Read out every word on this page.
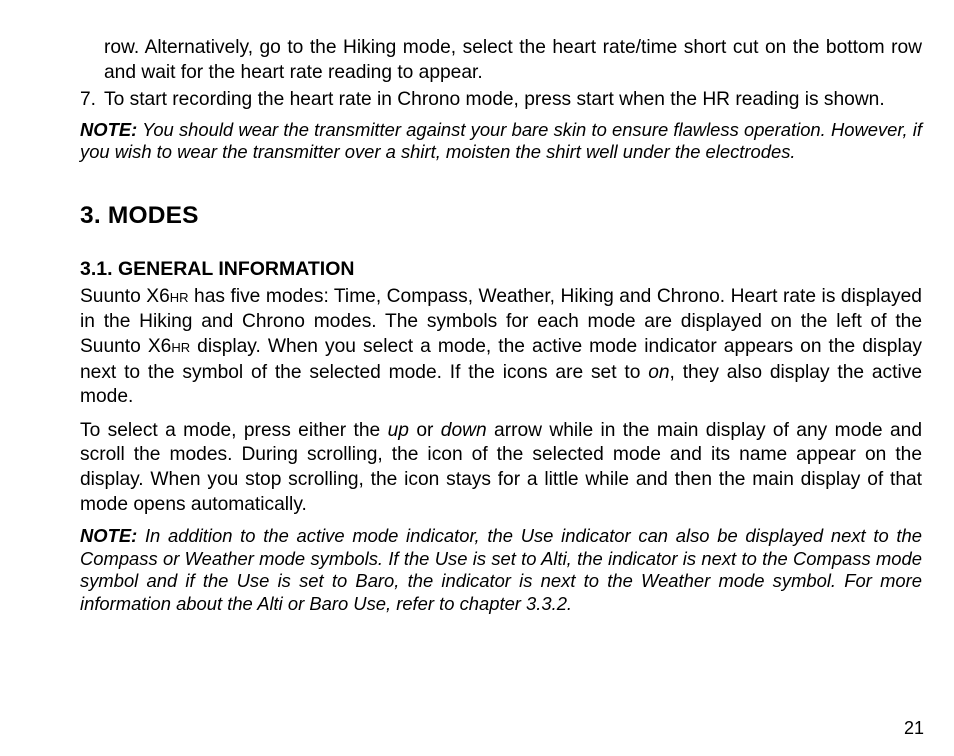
row. Alternatively, go to the Hiking mode, select the heart rate/time short cut on the bottom row and wait for the heart rate reading to appear.

7. To start recording the heart rate in Chrono mode, press start when the HR reading is shown.

NOTE: You should wear the transmitter against your bare skin to ensure flawless operation. However, if you wish to wear the transmitter over a shirt, moisten the shirt well under the electrodes.

3. MODES
3.1. GENERAL INFORMATION

Suunto X6HR has five modes: Time, Compass, Weather, Hiking and Chrono. Heart rate is displayed in the Hiking and Chrono modes. The symbols for each mode are displayed on the left of the Suunto X6HR display. When you select a mode, the active mode indicator appears on the display next to the symbol of the selected mode. If the icons are set to on, they also display the active mode.

To select a mode, press either the up or down arrow while in the main display of any mode and scroll the modes. During scrolling, the icon of the selected mode and its name appear on the display. When you stop scrolling, the icon stays for a little while and then the main display of that mode opens automatically.

NOTE: In addition to the active mode indicator, the Use indicator can also be displayed next to the Compass or Weather mode symbols. If the Use is set to Alti, the indicator is next to the Compass mode symbol and if the Use is set to Baro, the indicator is next to the Weather mode symbol. For more information about the Alti or Baro Use, refer to chapter 3.3.2.

21
